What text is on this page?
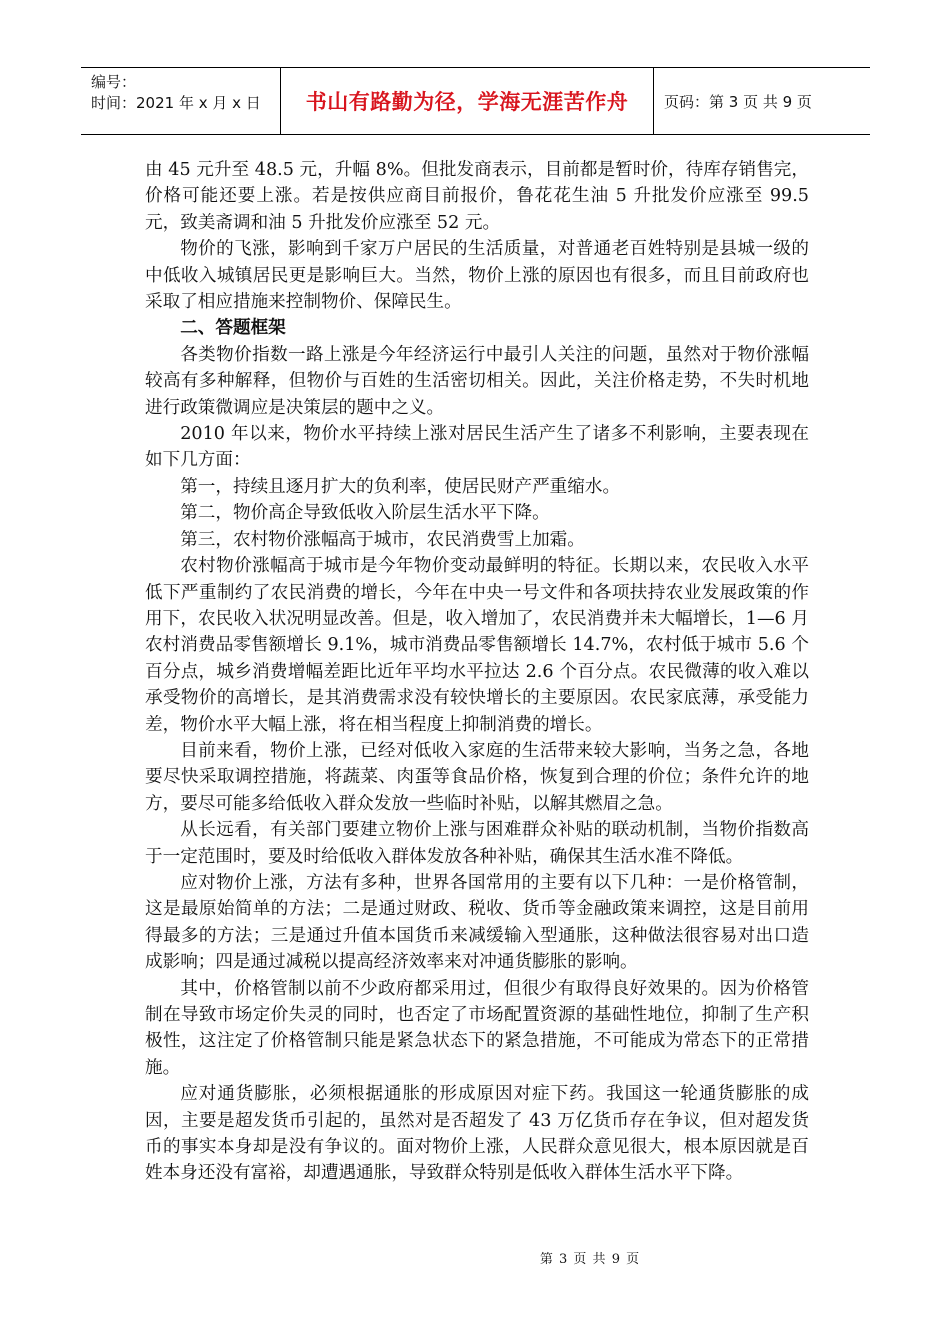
编号：
时间：2021 年 x 月 x 日	书山有路勤为径，学海无涯苦作舟	页码：第 3 页 共 9 页

由 45 元升至 48.5 元，升幅 8%。但批发商表示，目前都是暂时价，待库存销售完，价格可能还要上涨。若是按供应商目前报价，鲁花花生油 5 升批发价应涨至 99.5 元，致美斋调和油 5 升批发价应涨至 52 元。

物价的飞涨，影响到千家万户居民的生活质量，对普通老百姓特别是县城一级的中低收入城镇居民更是影响巨大。当然，物价上涨的原因也有很多，而且目前政府也采取了相应措施来控制物价、保障民生。

二、答题框架

各类物价指数一路上涨是今年经济运行中最引人关注的问题，虽然对于物价涨幅较高有多种解释，但物价与百姓的生活密切相关。因此，关注价格走势，不失时机地进行政策微调应是决策层的题中之义。

2010 年以来，物价水平持续上涨对居民生活产生了诸多不利影响，主要表现在如下几方面：

第一，持续且逐月扩大的负利率，使居民财产严重缩水。

第二，物价高企导致低收入阶层生活水平下降。

第三，农村物价涨幅高于城市，农民消费雪上加霜。

农村物价涨幅高于城市是今年物价变动最鲜明的特征。长期以来，农民收入水平低下严重制约了农民消费的增长，今年在中央一号文件和各项扶持农业发展政策的作用下，农民收入状况明显改善。但是，收入增加了，农民消费并未大幅增长，1—6 月农村消费品零售额增长 9.1%，城市消费品零售额增长 14.7%，农村低于城市 5.6 个百分点，城乡消费增幅差距比近年平均水平拉达 2.6 个百分点。农民微薄的收入难以承受物价的高增长，是其消费需求没有较快增长的主要原因。农民家底薄，承受能力差，物价水平大幅上涨，将在相当程度上抑制消费的增长。

目前来看，物价上涨，已经对低收入家庭的生活带来较大影响，当务之急，各地要尽快采取调控措施，将蔬菜、肉蛋等食品价格，恢复到合理的价位；条件允许的地方，要尽可能多给低收入群众发放一些临时补贴，以解其燃眉之急。

从长远看，有关部门要建立物价上涨与困难群众补贴的联动机制，当物价指数高于一定范围时，要及时给低收入群体发放各种补贴，确保其生活水准不降低。

应对物价上涨，方法有多种，世界各国常用的主要有以下几种：一是价格管制，这是最原始简单的方法；二是通过财政、税收、货币等金融政策来调控，这是目前用得最多的方法；三是通过升值本国货币来减缓输入型通胀，这种做法很容易对出口造成影响；四是通过减税以提高经济效率来对冲通货膨胀的影响。

其中，价格管制以前不少政府都采用过，但很少有取得良好效果的。因为价格管制在导致市场定价失灵的同时，也否定了市场配置资源的基础性地位，抑制了生产积极性，这注定了价格管制只能是紧急状态下的紧急措施，不可能成为常态下的正常措施。

应对通货膨胀，必须根据通胀的形成原因对症下药。我国这一轮通货膨胀的成因，主要是超发货币引起的，虽然对是否超发了 43 万亿货币存在争议，但对超发货币的事实本身却是没有争议的。面对物价上涨，人民群众意见很大，根本原因就是百姓本身还没有富裕，却遭遇通胀，导致群众特别是低收入群体生活水平下降。

第 3 页 共 9 页
